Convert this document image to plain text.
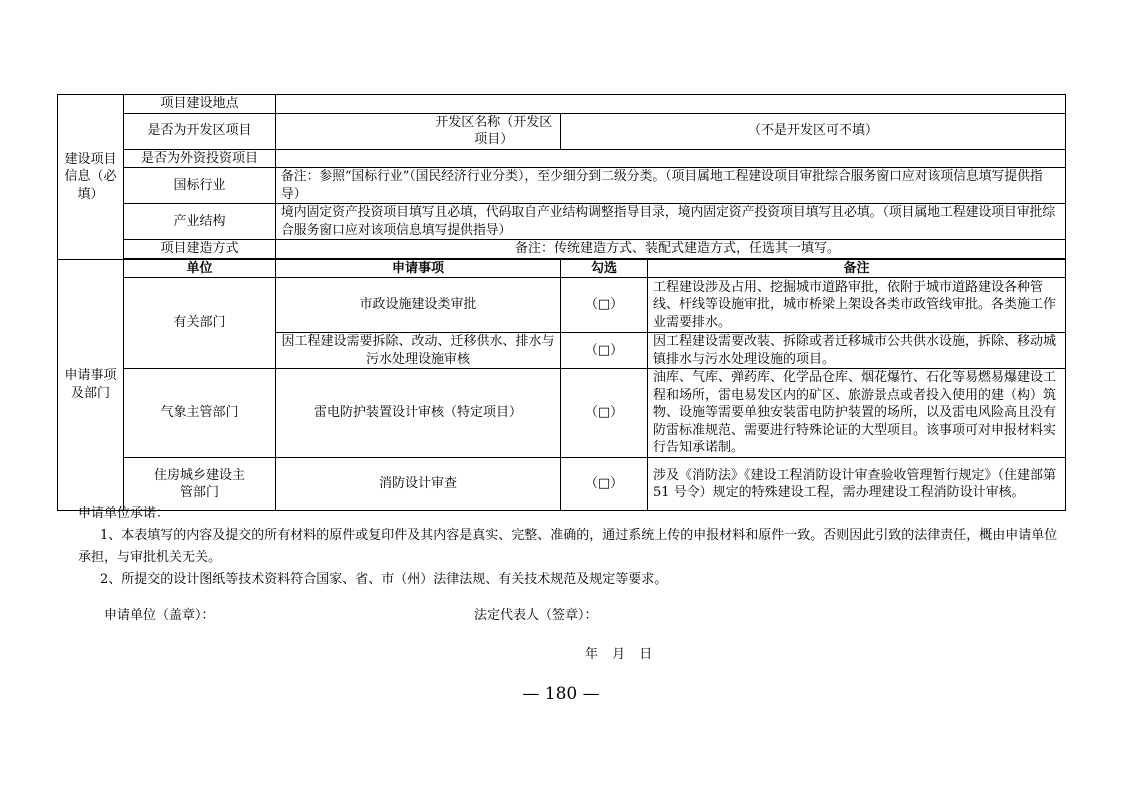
建设项目信息（必填）	项目建设地点				
	是否为开发区项目		开发区名称（开发区项目）	（不是开发区可不填）	
	是否为外资投资项目				
	国标行业	备注：参照“国标行业”（国民经济行业分类），至少细分到二级分类。（项目属地工程建设项目审批综合服务窗口应对该项信息填写提供指导）			
	产业结构	境内固定资产投资项目填写且必填，代码取自产业结构调整指导目录，境内固定资产投资项目填写且必填。（项目属地工程建设项目审批综合服务窗口应对该项信息填写提供指导）			
	项目建造方式	备注：传统建造方式、装配式建造方式，任选其一填写。			

申请事项及部门	单位	申请事项		勾选	备注
	有关部门	市政设施建设类审批		（□）	工程建设涉及占用、挖掘城市道路审批，依附于城市道路建设各种管线、杆线等设施审批，城市桥梁上架设各类市政管线审批。各类施工作业需要排水。
		因工程建设需要拆除、改动、迁移供水、排水与污水处理设施审核		（□）	因工程建设需要改装、拆除或者迁移城市公共供水设施，拆除、移动城镇排水与污水处理设施的项目。
	气象主管部门	雷电防护装置设计审核（特定项目）		（□）	油库、气库、弹药库、化学品仓库、烟花爆竹、石化等易燃易爆建设工程和场所，雷电易发区内的矿区、旅游景点或者投入使用的建（构）筑物、设施等需要单独安装雷电防护装置的场所，以及雷电风险高且没有防雷标准规范、需要进行特殊论证的大型项目。该事项可对申报材料实行告知承诺制。
	住房城乡建设主管部门	消防设计审查		（□）	涉及《消防法》《建设工程消防设计审查验收管理暂行规定》（住建部第 51 号令）规定的特殊建设工程，需办理建设工程消防设计审核。

申请单位承诺：

1、本表填写的内容及提交的所有材料的原件或复印件及其内容是真实、完整、准确的，通过系统上传的申报材料和原件一致。否则因此引致的法律责任，概由申请单位承担，与审批机关无关。

2、所提交的设计图纸等技术资料符合国家、省、市（州）法律法规、有关技术规范及规定等要求。

申请单位（盖章）：	法定代表人（签章）：
年 月 日
— 180 —
